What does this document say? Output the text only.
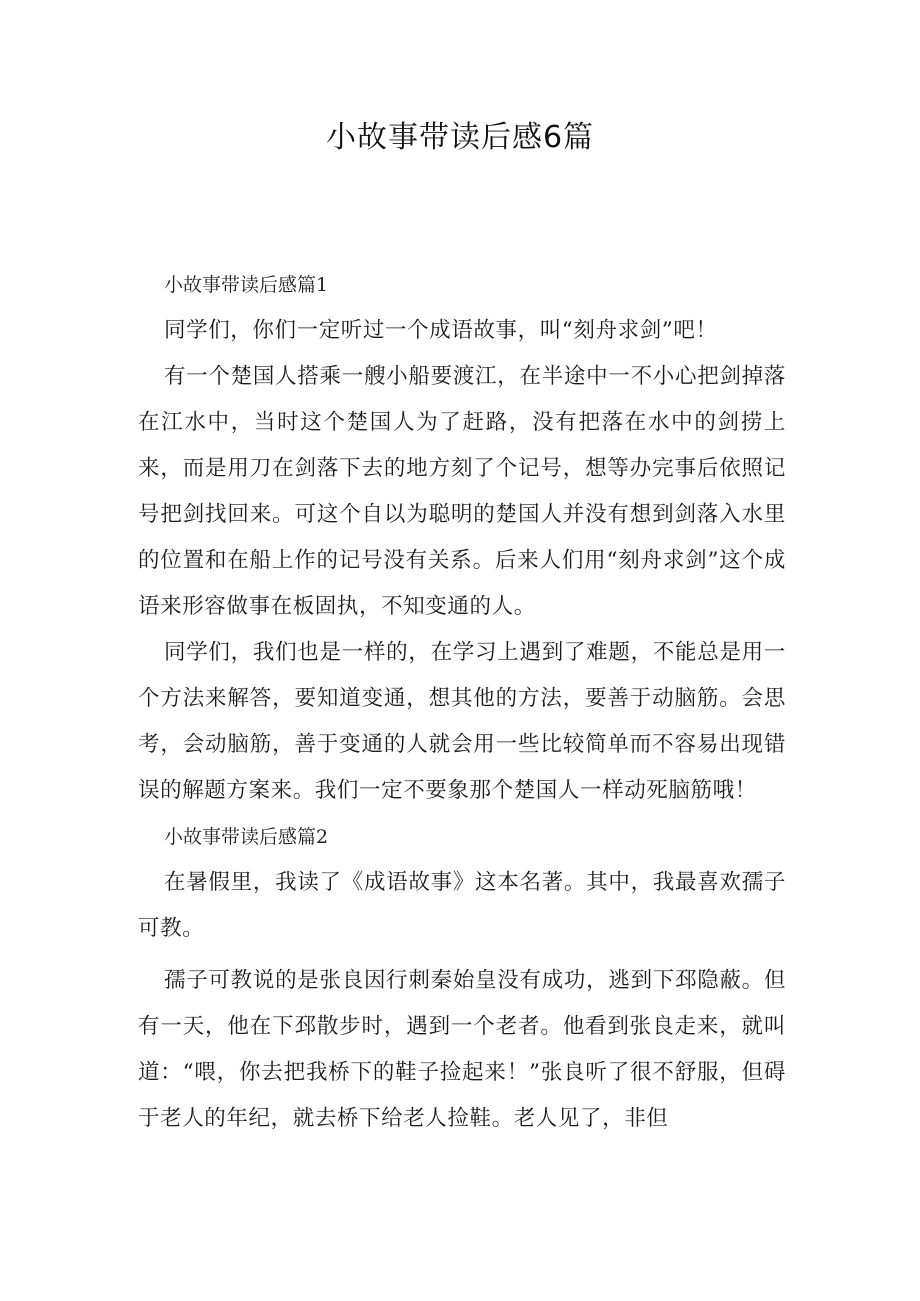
小故事带读后感6篇

小故事带读后感篇1

同学们，你们一定听过一个成语故事，叫“刻舟求剑”吧！

有一个楚国人搭乘一艘小船要渡江，在半途中一不小心把剑掉落在江水中，当时这个楚国人为了赶路，没有把落在水中的剑捞上来，而是用刀在剑落下去的地方刻了个记号，想等办完事后依照记号把剑找回来。可这个自以为聪明的楚国人并没有想到剑落入水里的位置和在船上作的记号没有关系。后来人们用“刻舟求剑”这个成语来形容做事在板固执，不知变通的人。

同学们，我们也是一样的，在学习上遇到了难题，不能总是用一个方法来解答，要知道变通，想其他的方法，要善于动脑筋。会思考，会动脑筋，善于变通的人就会用一些比较简单而不容易出现错误的解题方案来。我们一定不要象那个楚国人一样动死脑筋哦！

小故事带读后感篇2

在暑假里，我读了《成语故事》这本名著。其中，我最喜欢孺子可教。

孺子可教说的是张良因行刺秦始皇没有成功，逃到下邳隐蔽。但有一天，他在下邳散步时，遇到一个老者。他看到张良走来，就叫道：“喂，你去把我桥下的鞋子捡起来！”张良听了很不舒服，但碍于老人的年纪，就去桥下给老人捡鞋。老人见了，非但
